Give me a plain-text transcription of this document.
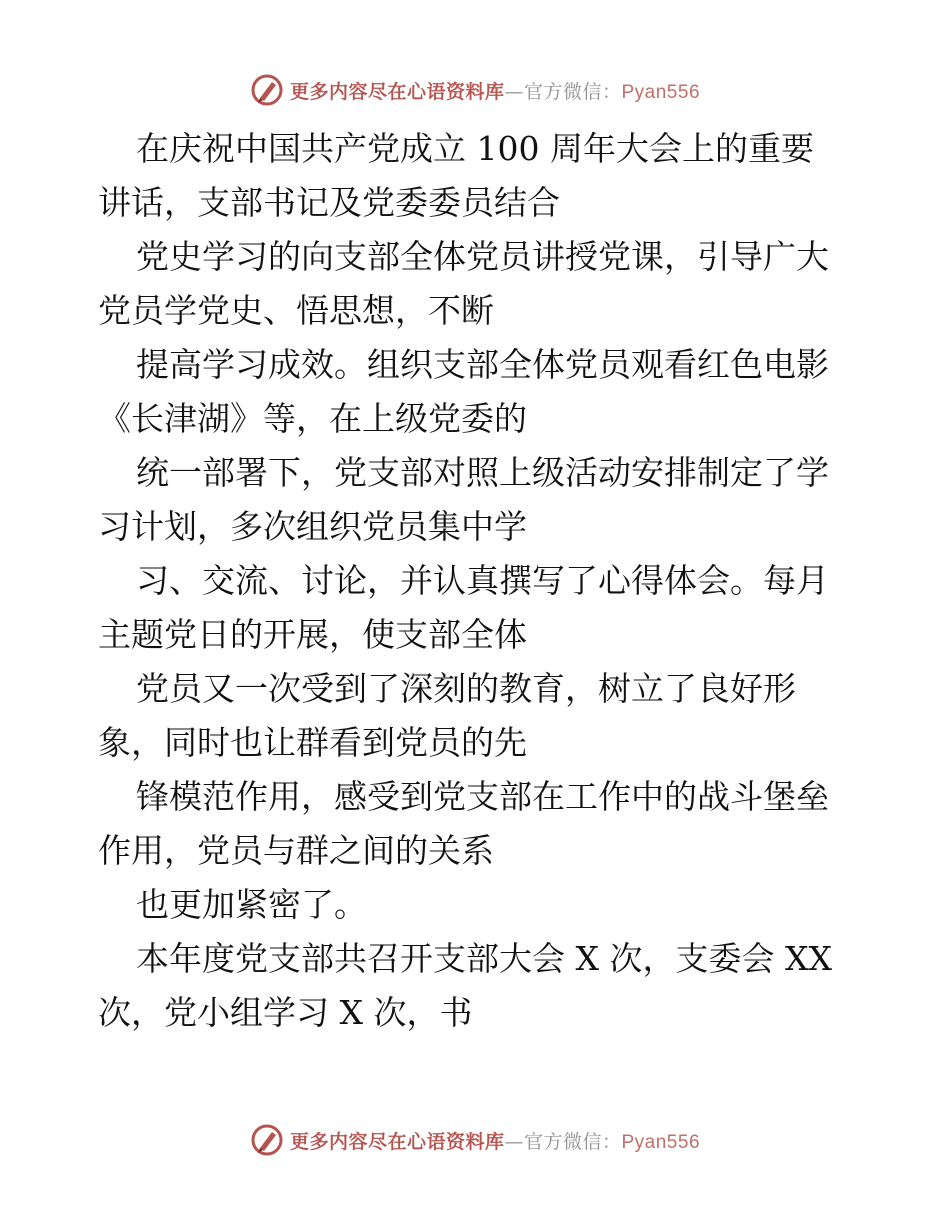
更多内容尽在心语资料库—官方微信：Pyan556
在庆祝中国共产党成立 100 周年大会上的重要
讲话，支部书记及党委委员结合
党史学习的向支部全体党员讲授党课，引导广大
党员学党史、悟思想，不断
提高学习成效。组织支部全体党员观看红色电影
《长津湖》等，在上级党委的
统一部署下，党支部对照上级活动安排制定了学
习计划，多次组织党员集中学
习、交流、讨论，并认真撰写了心得体会。每月
主题党日的开展，使支部全体
党员又一次受到了深刻的教育，树立了良好形
象，同时也让群看到党员的先
锋模范作用，感受到党支部在工作中的战斗堡垒
作用，党员与群之间的关系
也更加紧密了。
本年度党支部共召开支部大会 X 次，支委会 XX
次，党小组学习 X 次，书
更多内容尽在心语资料库—官方微信：Pyan556
